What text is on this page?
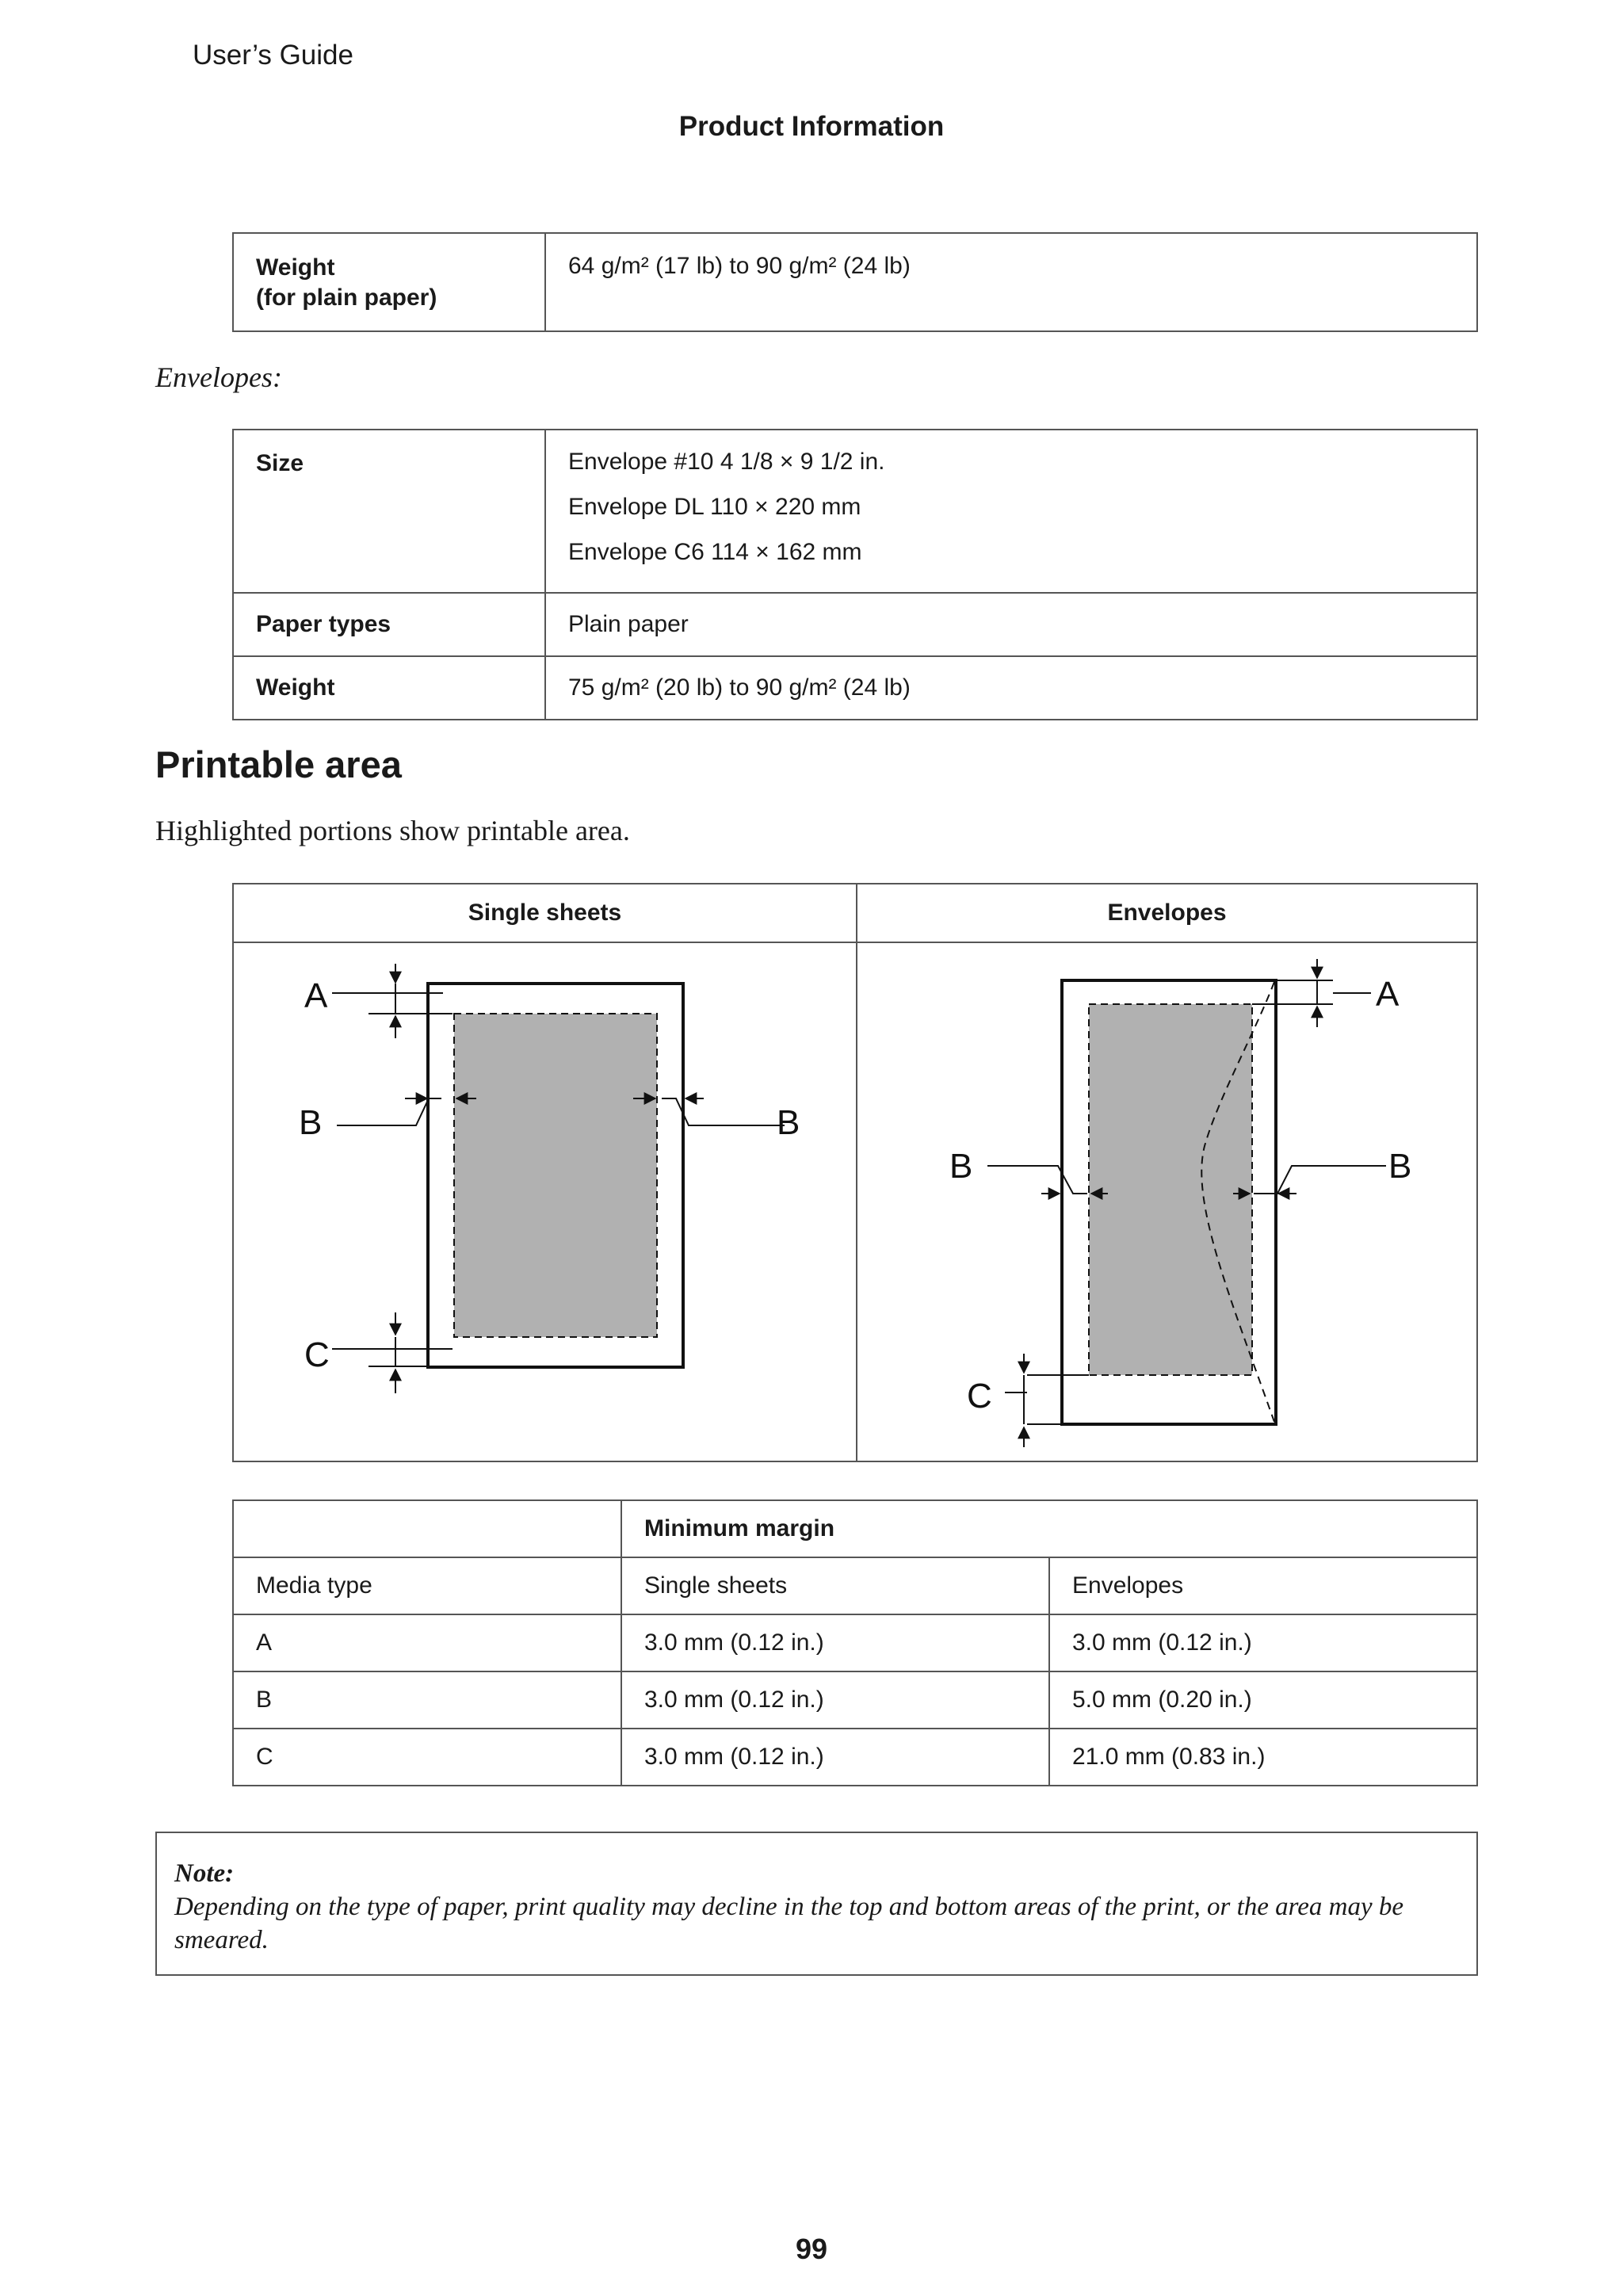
User’s Guide
Product Information
Weight
(for plain paper)
	64 g/m² (17 lb) to 90 g/m² (24 lb)
Envelopes:
Size	Envelope #10 4 1/8 × 9 1/2 in.
Envelope DL 110 × 220 mm
Envelope C6 114 × 162 mm

Paper types	Plain paper
Weight	75 g/m² (20 lb) to 90 g/m² (24 lb)
Printable area
Highlighted portions show printable area.
Single sheets	Envelopes
A
B	B
C
A
B	B
C
	Minimum margin	
Media type	Single sheets	Envelopes
A	3.0 mm (0.12 in.)	3.0 mm (0.12 in.)
B	3.0 mm (0.12 in.)	5.0 mm (0.20 in.)
C	3.0 mm (0.12 in.)	21.0 mm (0.83 in.)
Note:
Depending on the type of paper, print quality may decline in the top and bottom areas of the print, or the area may be smeared.
99
